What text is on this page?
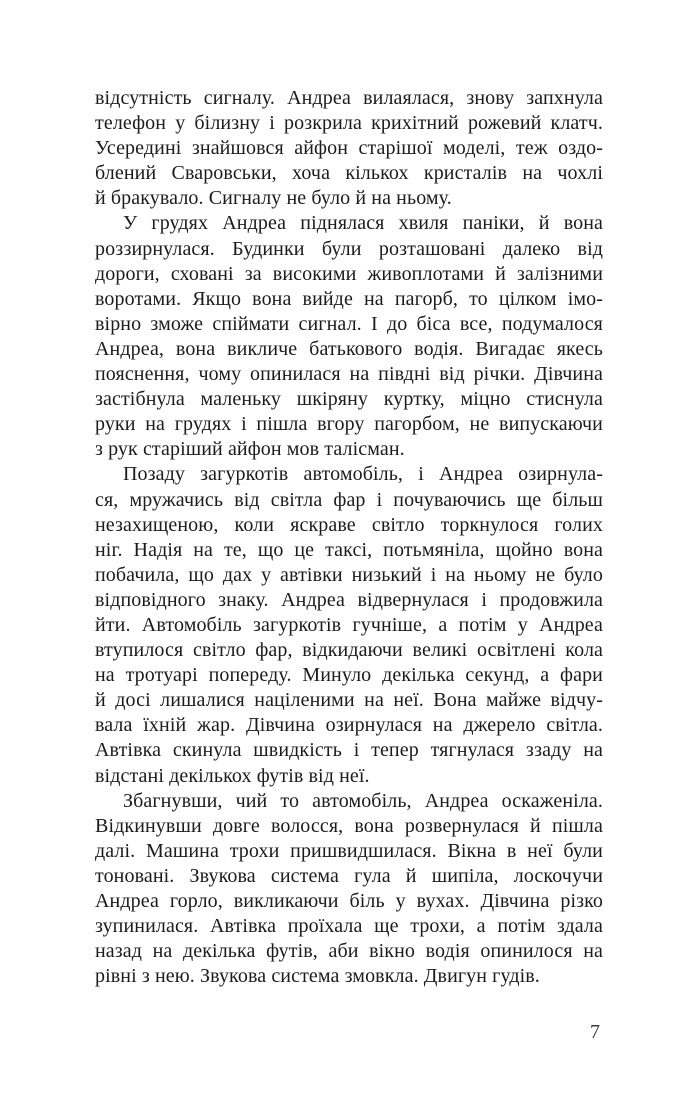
відсутність сигналу. Андреа вилаялася, знову запхнула
телефон у білизну і розкрила крихітний рожевий клатч.
Усередині знайшовся айфон старішої моделі, теж оздо-
блений Сваровськи, хоча кількох кристалів на чохлі
й бракувало. Сигналу не було й на ньому.
У грудях Андреа піднялася хвиля паніки, й вона
роззирнулася. Будинки були розташовані далеко від
дороги, сховані за високими живоплотами й залізними
воротами. Якщо вона вийде на пагорб, то цілком імо-
вірно зможе спіймати сигнал. І до біса все, подумалося
Андреа, вона викличе батькового водія. Вигадає якесь
пояснення, чому опинилася на півдні від річки. Дівчина
застібнула маленьку шкіряну куртку, міцно стиснула
руки на грудях і пішла вгору пагорбом, не випускаючи
з рук старіший айфон мов талісман.
Позаду загуркотів автомобіль, і Андреа озирнула-
ся, мружачись від світла фар і почуваючись ще більш
незахищеною, коли яскраве світло торкнулося голих
ніг. Надія на те, що це таксі, потьмяніла, щойно вона
побачила, що дах у автівки низький і на ньому не було
відповідного знаку. Андреа відвернулася і продовжила
йти. Автомобіль загуркотів гучніше, а потім у Андреа
втупилося світло фар, відкидаючи великі освітлені кола
на тротуарі попереду. Минуло декілька секунд, а фари
й досі лишалися націленими на неї. Вона майже відчу-
вала їхній жар. Дівчина озирнулася на джерело світла.
Автівка скинула швидкість і тепер тягнулася ззаду на
відстані декількох футів від неї.
Збагнувши, чий то автомобіль, Андреа оскаженіла.
Відкинувши довге волосся, вона розвернулася й пішла
далі. Машина трохи пришвидшилася. Вікна в неї були
тоновані. Звукова система гула й шипіла, лоскочучи
Андреа горло, викликаючи біль у вухах. Дівчина різко
зупинилася. Автівка проїхала ще трохи, а потім здала
назад на декілька футів, аби вікно водія опинилося на
рівні з нею. Звукова система змовкла. Двигун гудів.
7
